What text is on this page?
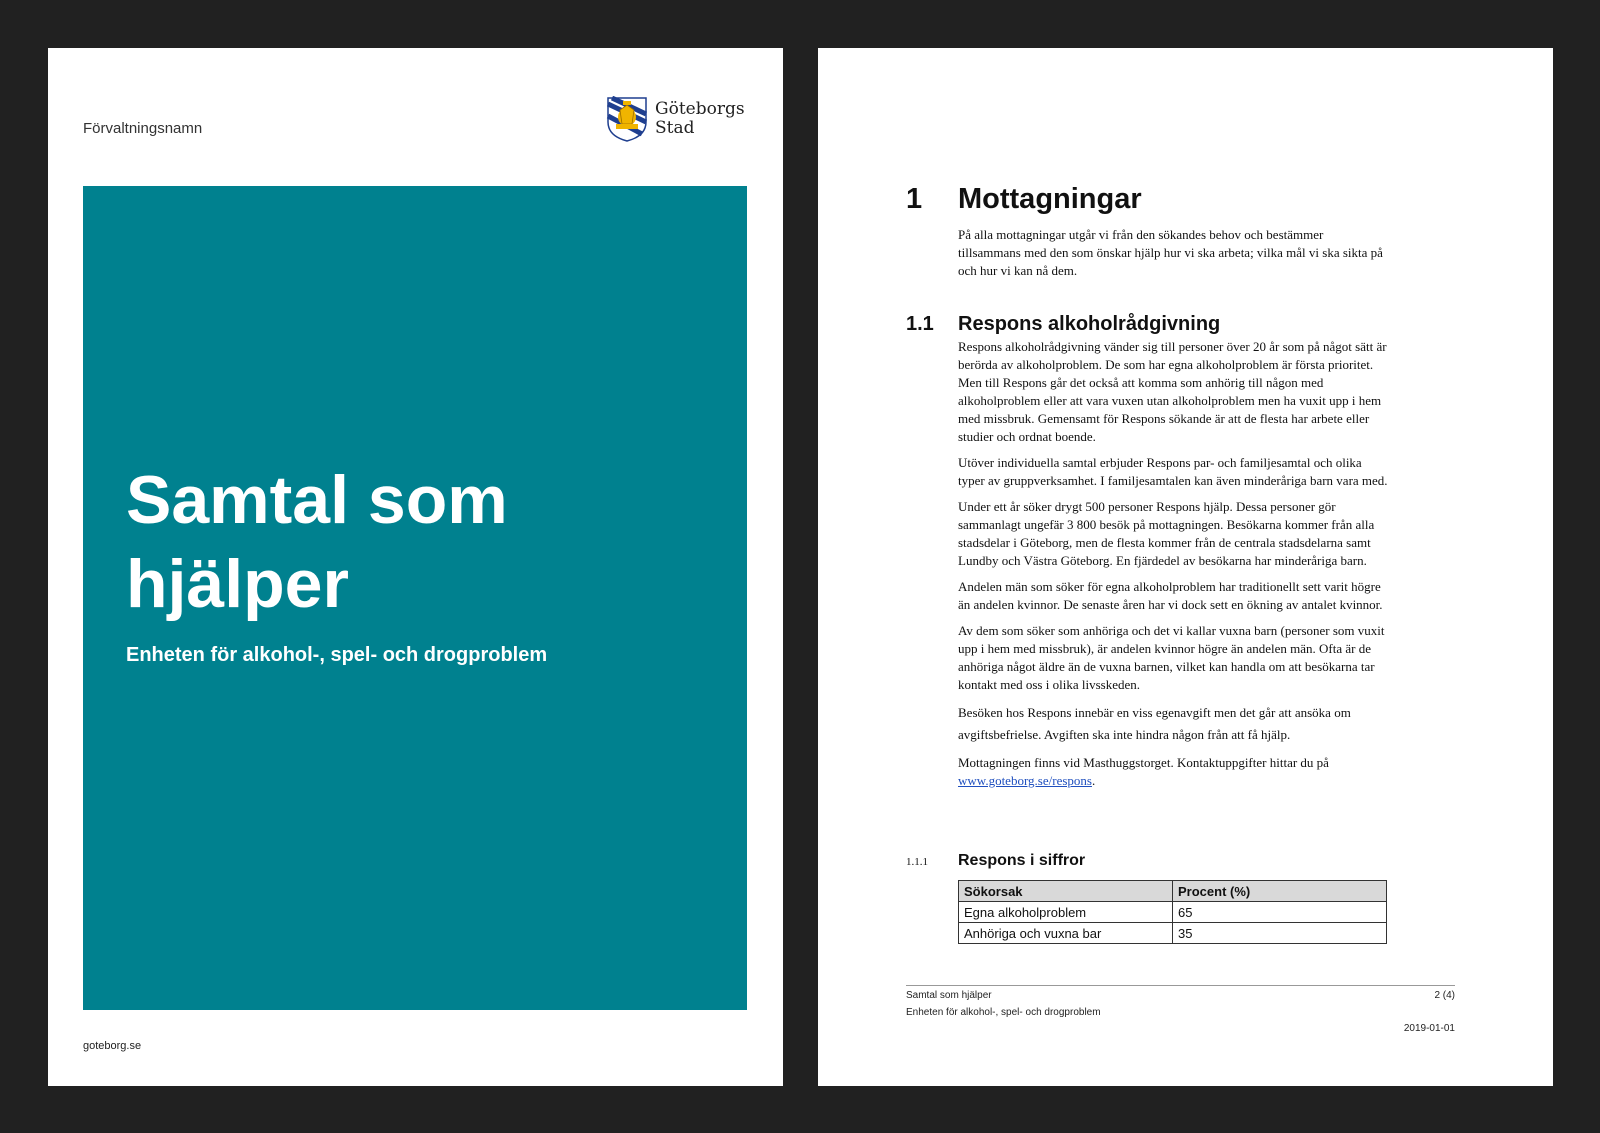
Förvaltningsnamn
Göteborgs
Stad
Samtal som hjälper
Enheten för alkohol-, spel- och drogproblem
goteborg.se
1 Mottagningar

På alla mottagningar utgår vi från den sökandes behov och bestämmer tillsammans med den som önskar hjälp hur vi ska arbeta; vilka mål vi ska sikta på och hur vi kan nå dem.

1.1 Respons alkoholrådgivning

Respons alkoholrådgivning vänder sig till personer över 20 år som på något sätt är berörda av alkoholproblem. De som har egna alkoholproblem är första prioritet. Men till Respons går det också att komma som anhörig till någon med alkoholproblem eller att vara vuxen utan alkoholproblem men ha vuxit upp i hem med missbruk. Gemensamt för Respons sökande är att de flesta har arbete eller studier och ordnat boende.

Utöver individuella samtal erbjuder Respons par- och familjesamtal och olika typer av gruppverksamhet. I familjesamtalen kan även minderåriga barn vara med.

Under ett år söker drygt 500 personer Respons hjälp. Dessa personer gör sammanlagt ungefär 3 800 besök på mottagningen. Besökarna kommer från alla stadsdelar i Göteborg, men de flesta kommer från de centrala stadsdelarna samt Lundby och Västra Göteborg. En fjärdedel av besökarna har minderåriga barn.

Andelen män som söker för egna alkoholproblem har traditionellt sett varit högre än andelen kvinnor. De senaste åren har vi dock sett en ökning av antalet kvinnor.

Av dem som söker som anhöriga och det vi kallar vuxna barn (personer som vuxit upp i hem med missbruk), är andelen kvinnor högre än andelen män. Ofta är de anhöriga något äldre än de vuxna barnen, vilket kan handla om att besökarna tar kontakt med oss i olika livsskeden.

Besöken hos Respons innebär en viss egenavgift men det går att ansöka om avgiftsbefrielse. Avgiften ska inte hindra någon från att få hjälp.

Mottagningen finns vid Masthuggstorget. Kontaktuppgifter hittar du på www.goteborg.se/respons.

1.1.1 Respons i siffror
Sökorsak	Procent (%)
Egna alkoholproblem	65
Anhöriga och vuxna bar	35
Samtal som hjälper	2 (4)
Enheten för alkohol-, spel- och drogproblem
2019-01-01
